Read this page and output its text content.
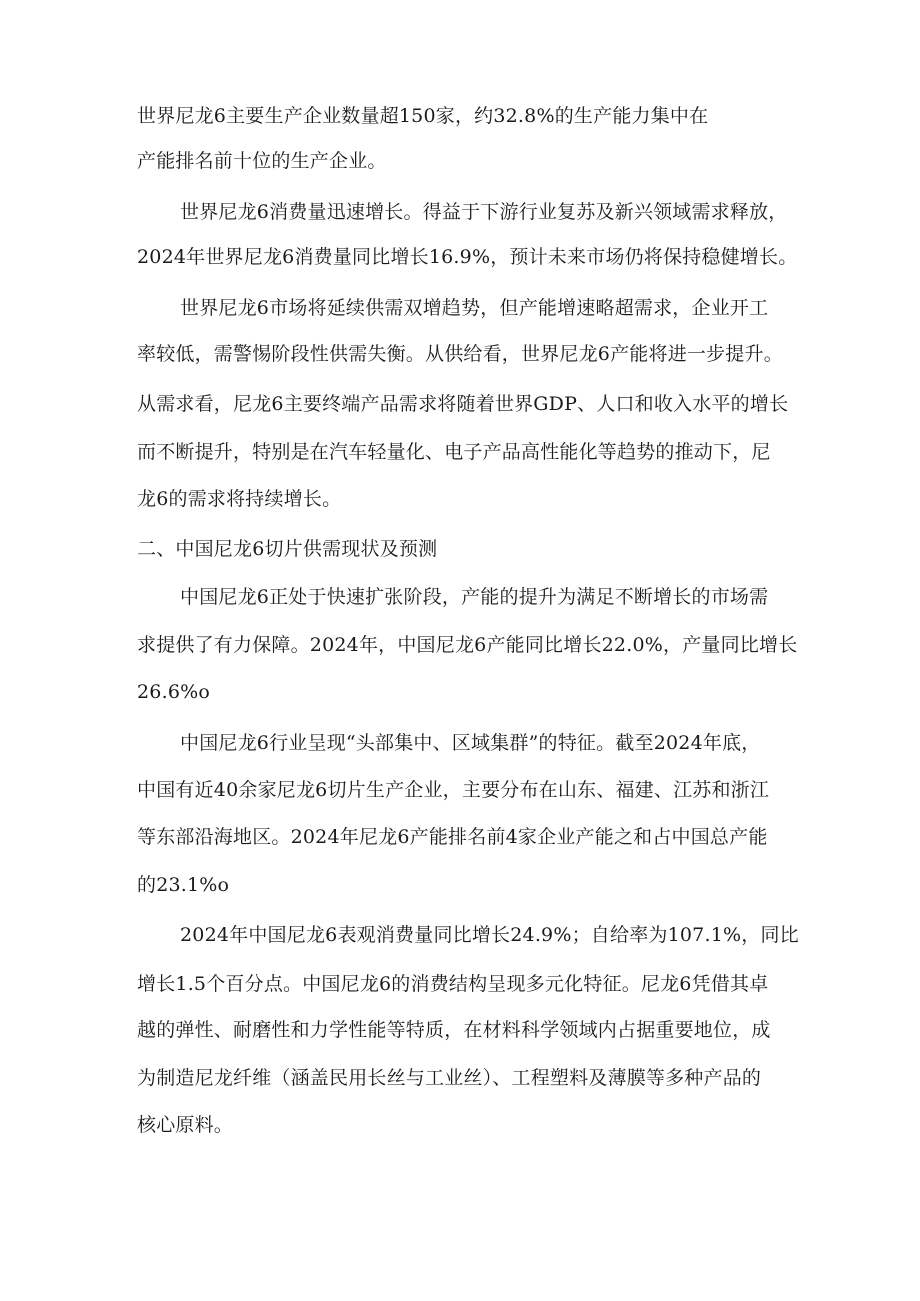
世界尼龙6主要生产企业数量超150家，约32.8%的生产能力集中在
产能排名前十位的生产企业。
世界尼龙6消费量迅速增长。得益于下游行业复苏及新兴领域需求释放，
2024年世界尼龙6消费量同比增长16.9%，预计未来市场仍将保持稳健增长。
世界尼龙6市场将延续供需双增趋势，但产能增速略超需求，企业开工
率较低，需警惕阶段性供需失衡。从供给看，世界尼龙6产能将进一步提升。
从需求看，尼龙6主要终端产品需求将随着世界GDP、人口和收入水平的增长
而不断提升，特别是在汽车轻量化、电子产品高性能化等趋势的推动下，尼
龙6的需求将持续增长。
二、中国尼龙6切片供需现状及预测
中国尼龙6正处于快速扩张阶段，产能的提升为满足不断增长的市场需
求提供了有力保障。2024年，中国尼龙6产能同比增长22.0%，产量同比增长
26.6%o
中国尼龙6行业呈现“头部集中、区域集群”的特征。截至2024年底，
中国有近40余家尼龙6切片生产企业，主要分布在山东、福建、江苏和浙江
等东部沿海地区。2024年尼龙6产能排名前4家企业产能之和占中国总产能
的23.1%o
2024年中国尼龙6表观消费量同比增长24.9%；自给率为107.1%，同比
增长1.5个百分点。中国尼龙6的消费结构呈现多元化特征。尼龙6凭借其卓
越的弹性、耐磨性和力学性能等特质，在材料科学领域内占据重要地位，成
为制造尼龙纤维（涵盖民用长丝与工业丝）、工程塑料及薄膜等多种产品的
核心原料。
